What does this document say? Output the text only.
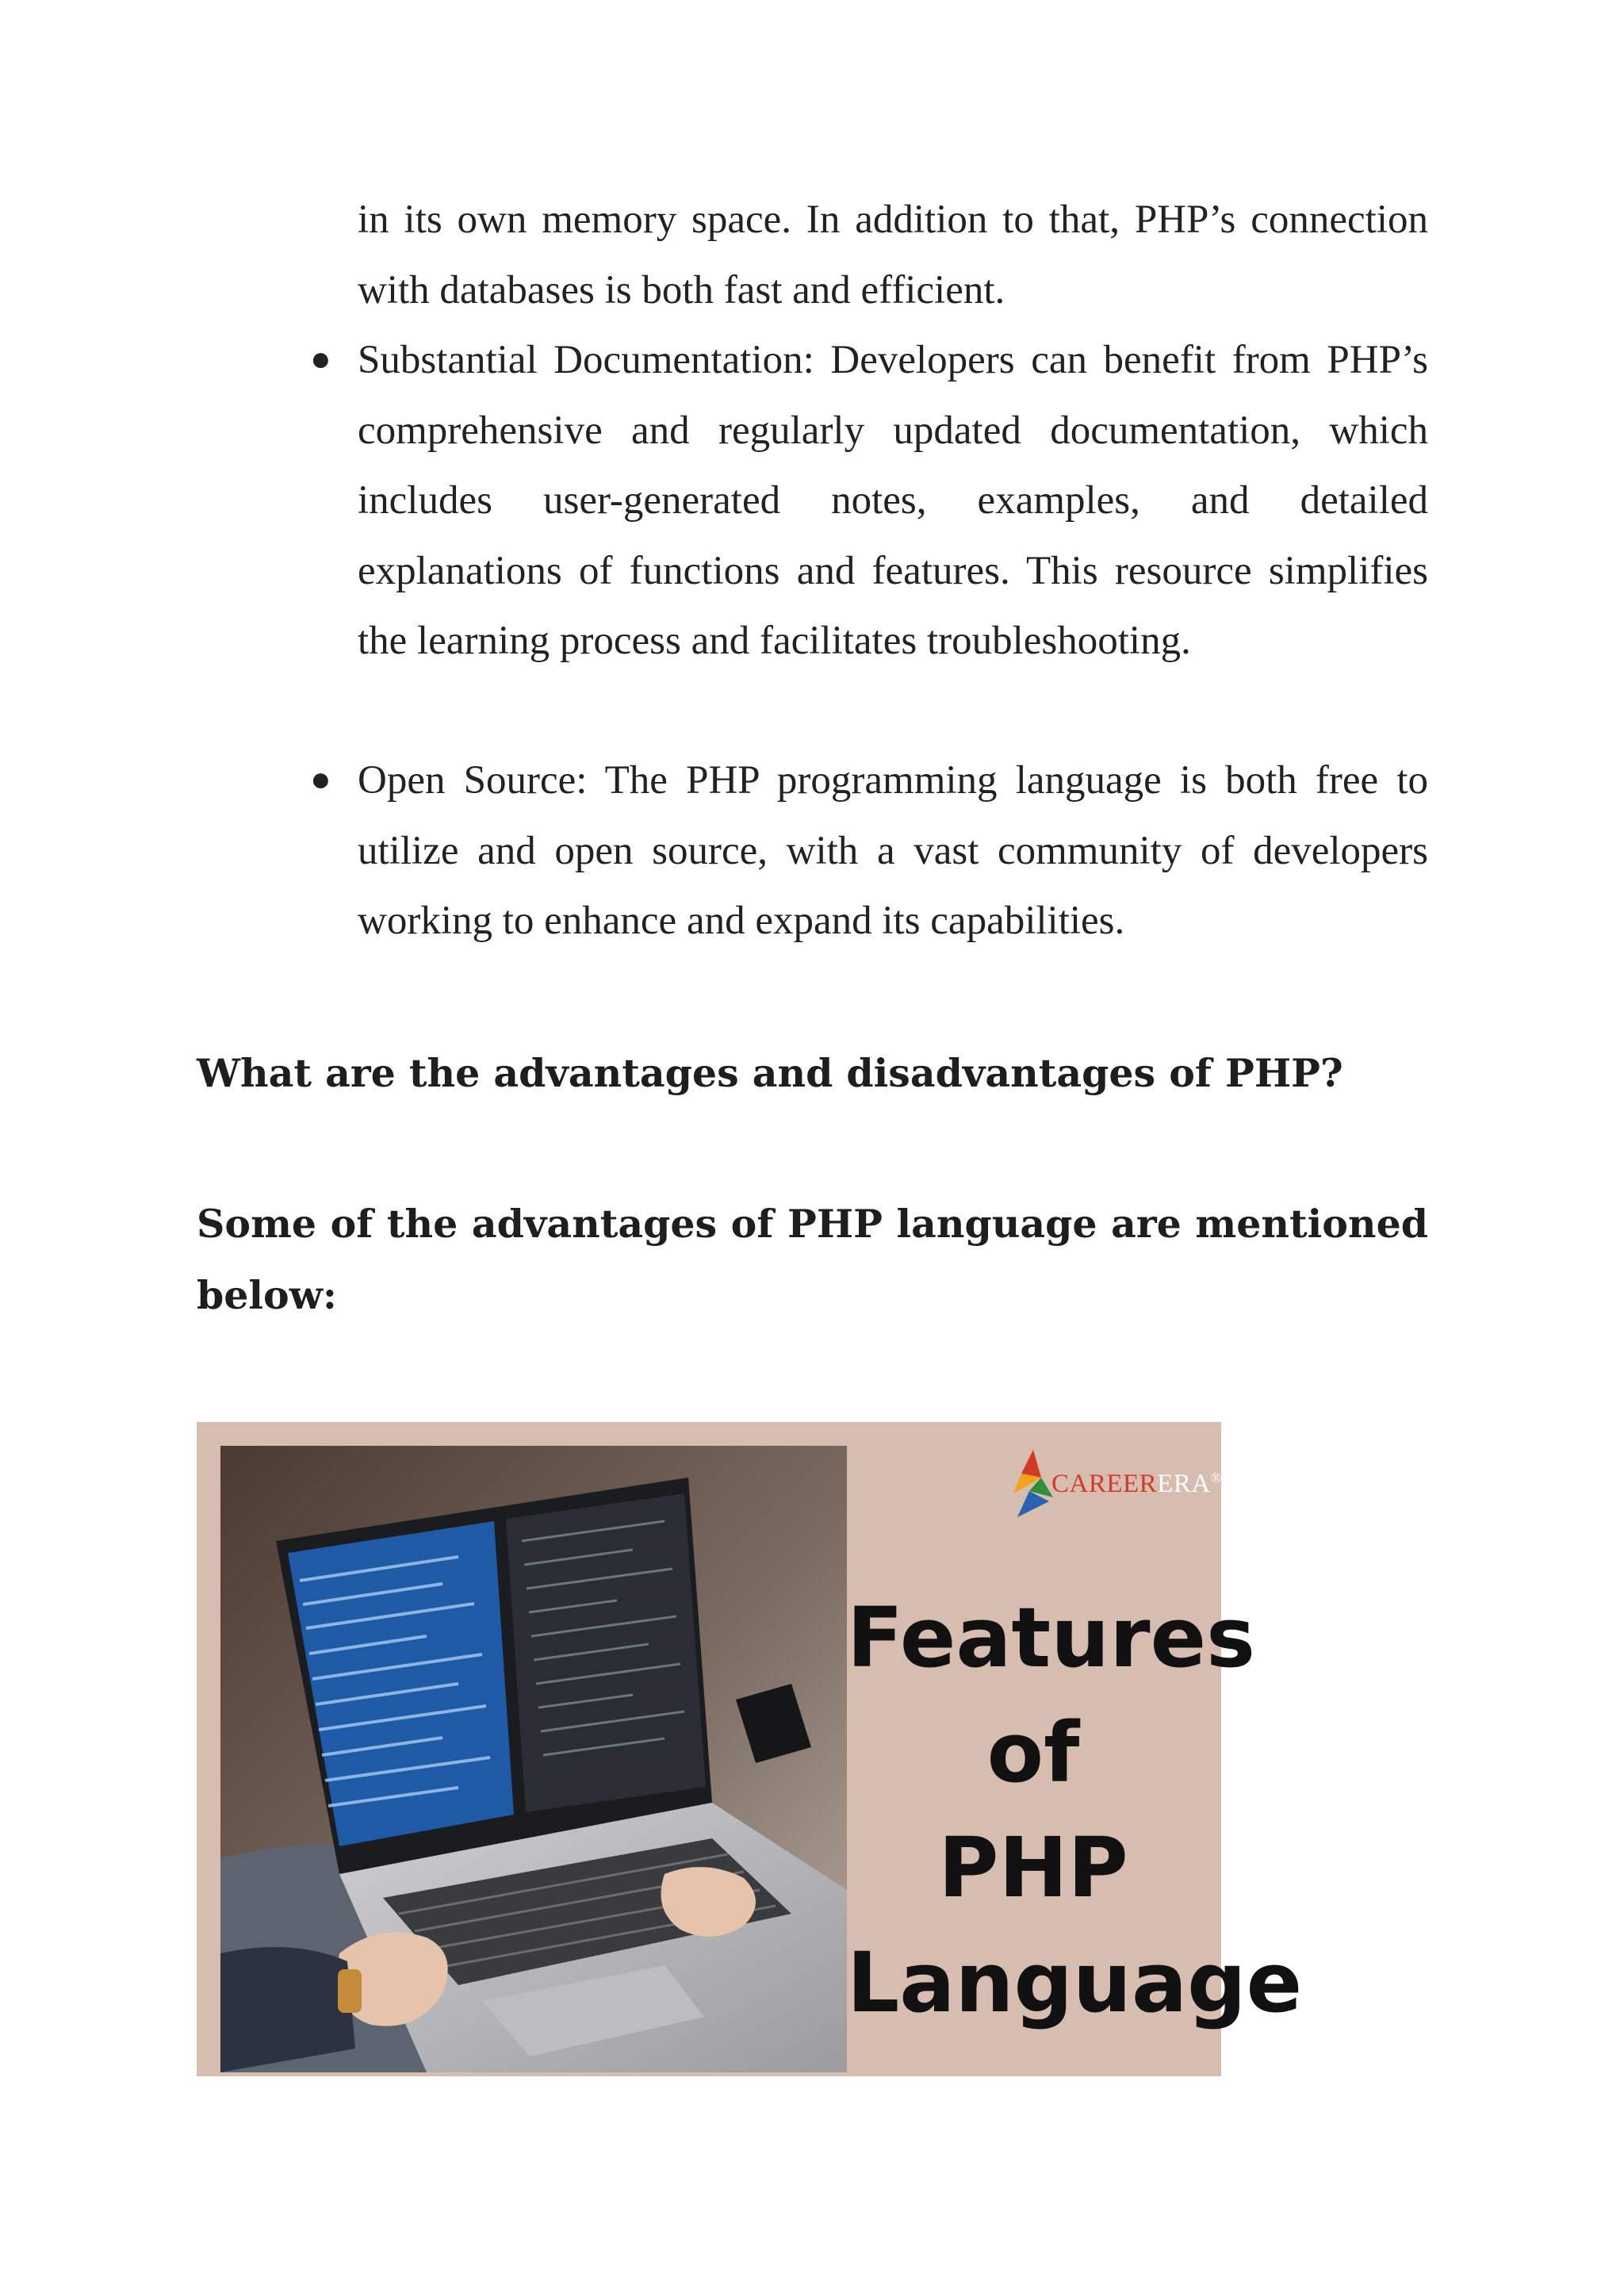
in its own memory space. In addition to that, PHP’s connection with databases is both fast and efficient.

● Substantial Documentation: Developers can benefit from PHP’s comprehensive and regularly updated documentation, which includes user-generated notes, examples, and detailed explanations of functions and features. This resource simplifies the learning process and facilitates troubleshooting.

● Open Source: The PHP programming language is both free to utilize and open source, with a vast community of developers working to enhance and expand its capabilities.

What are the advantages and disadvantages of PHP?
Some of the advantages of PHP language are mentioned below:
CAREERERA®
Features
of
PHP
Language
